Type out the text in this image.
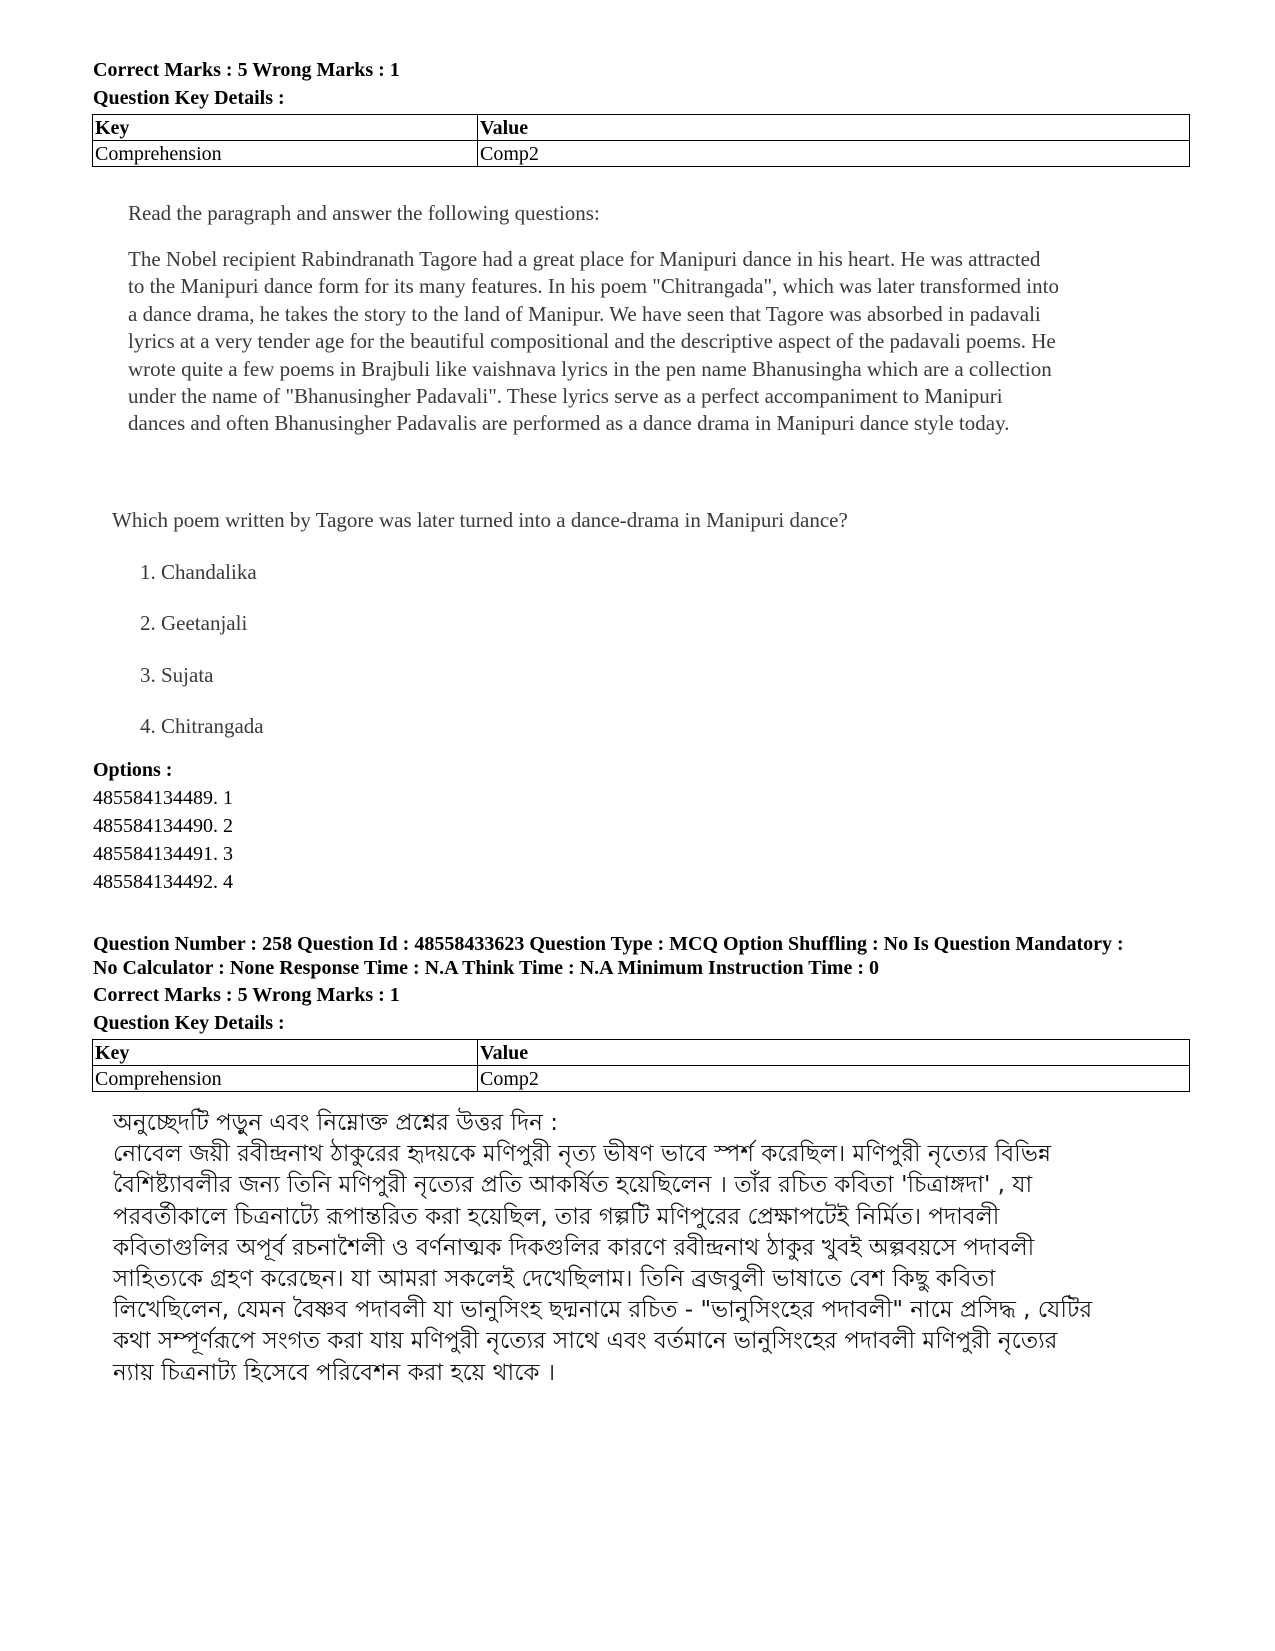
Correct Marks : 5 Wrong Marks : 1
Question Key Details :
Key	Value
Comprehension	Comp2
Read the paragraph and answer the following questions:
The Nobel recipient Rabindranath Tagore had a great place for Manipuri dance in his heart. He was attracted
to the Manipuri dance form for its many features. In his poem "Chitrangada", which was later transformed into
a dance drama, he takes the story to the land of Manipur. We have seen that Tagore was absorbed in padavali
lyrics at a very tender age for the beautiful compositional and the descriptive aspect of the padavali poems. He
wrote quite a few poems in Brajbuli like vaishnava lyrics in the pen name Bhanusingha which are a collection
under the name of "Bhanusingher Padavali". These lyrics serve as a perfect accompaniment to Manipuri
dances and often Bhanusingher Padavalis are performed as a dance drama in Manipuri dance style today.
Which poem written by Tagore was later turned into a dance-drama in Manipuri dance?
1. Chandalika
2. Geetanjali
3. Sujata
4. Chitrangada
Options :
485584134489. 1
485584134490. 2
485584134491. 3
485584134492. 4
Question Number : 258 Question Id : 48558433623 Question Type : MCQ Option Shuffling : No Is Question Mandatory :
No Calculator : None Response Time : N.A Think Time : N.A Minimum Instruction Time : 0
Correct Marks : 5 Wrong Marks : 1
Question Key Details :
Key	Value
Comprehension	Comp2
অনুচ্ছেদটি পড়ুন এবং নিম্নোক্ত প্রশ্নের উত্তর দিন :
নোবেল জয়ী রবীন্দ্রনাথ ঠাকুরের হৃদয়কে মণিপুরী নৃত্য ভীষণ ভাবে স্পর্শ করেছিল। মণিপুরী নৃত্যের বিভিন্ন
বৈশিষ্ট্যাবলীর জন্য তিনি মণিপুরী নৃত্যের প্রতি আকর্ষিত হয়েছিলেন । তাঁর রচিত কবিতা 'চিত্রাঙ্গদা' , যা
পরবর্তীকালে চিত্রনাট্যে রূপান্তরিত করা হয়েছিল, তার গল্পটি মণিপুরের প্রেক্ষাপটেই নির্মিত। পদাবলী
কবিতাগুলির অপূর্ব রচনাশৈলী ও বর্ণনাত্মক দিকগুলির কারণে রবীন্দ্রনাথ ঠাকুর খুবই অল্পবয়সে পদাবলী
সাহিত্যকে গ্রহণ করেছেন। যা আমরা সকলেই দেখেছিলাম। তিনি ব্রজবুলী ভাষাতে বেশ কিছু কবিতা
লিখেছিলেন, যেমন বৈষ্ণব পদাবলী যা ভানুসিংহ ছদ্মনামে রচিত - "ভানুসিংহের পদাবলী" নামে প্রসিদ্ধ , যেটির
কথা সম্পূর্ণরূপে সংগত করা যায় মণিপুরী নৃত্যের সাথে এবং বর্তমানে ভানুসিংহের পদাবলী মণিপুরী নৃত্যের
ন্যায় চিত্রনাট্য হিসেবে পরিবেশন করা হয়ে থাকে ।
